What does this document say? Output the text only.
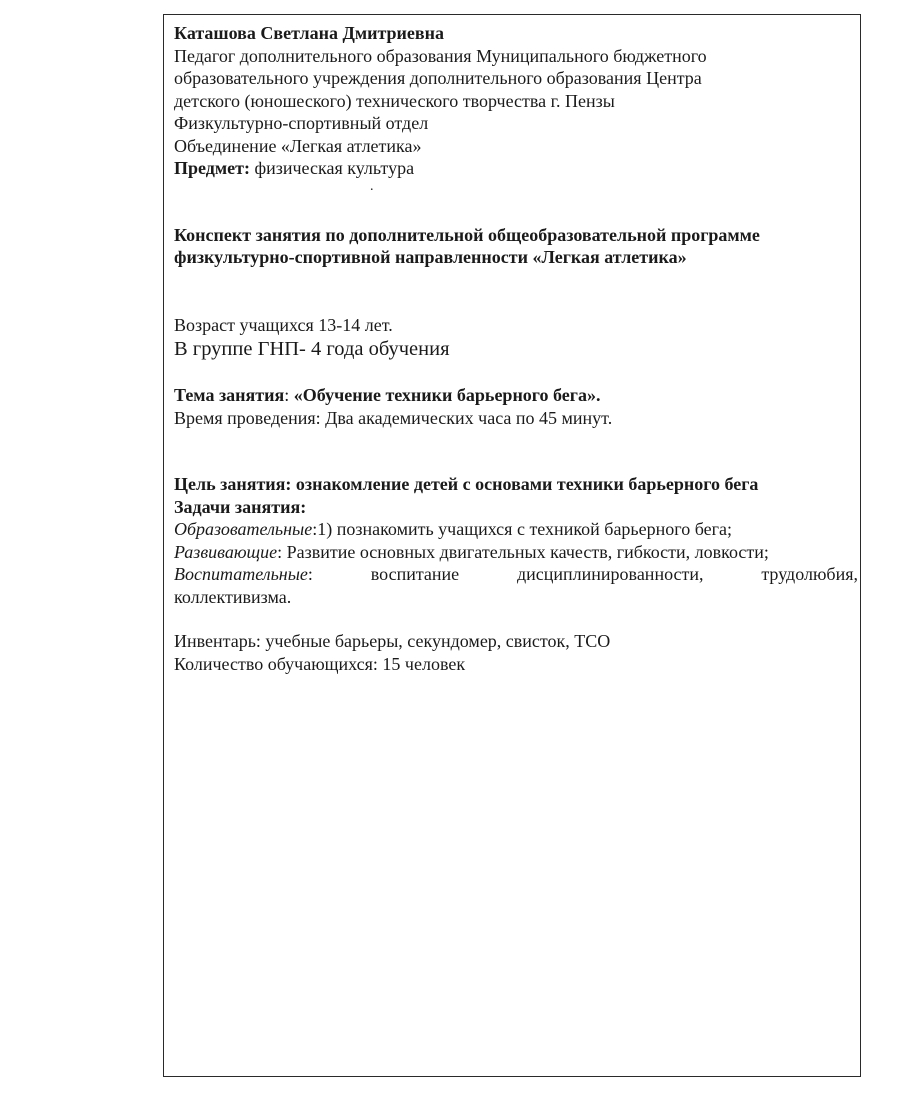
Каташова Светлана Дмитриевна
Педагог дополнительного образования Муниципального бюджетного
образовательного учреждения дополнительного образования Центра
детского (юношеского) технического творчества г. Пензы
Физкультурно-спортивный отдел
Объединение «Легкая атлетика»
Предмет: физическая культура
.
Конспект занятия по дополнительной общеобразовательной программе
физкультурно-спортивной направленности «Легкая атлетика»
Возраст учащихся 13-14 лет.
В группе ГНП- 4 года обучения
Тема занятия: «Обучение техники барьерного бега».
Время проведения: Два академических часа по 45 минут.
Цель занятия: ознакомление детей с основами техники барьерного бега
Задачи занятия:
Образовательные:1) познакомить учащихся с техникой барьерного бега;
Развивающие: Развитие основных двигательных качеств, гибкости, ловкости;
Воспитательные:	воспитание	дисциплинированности,	трудолюбия,
коллективизма.
Инвентарь: учебные барьеры, секундомер, свисток, ТСО
Количество обучающихся: 15 человек
